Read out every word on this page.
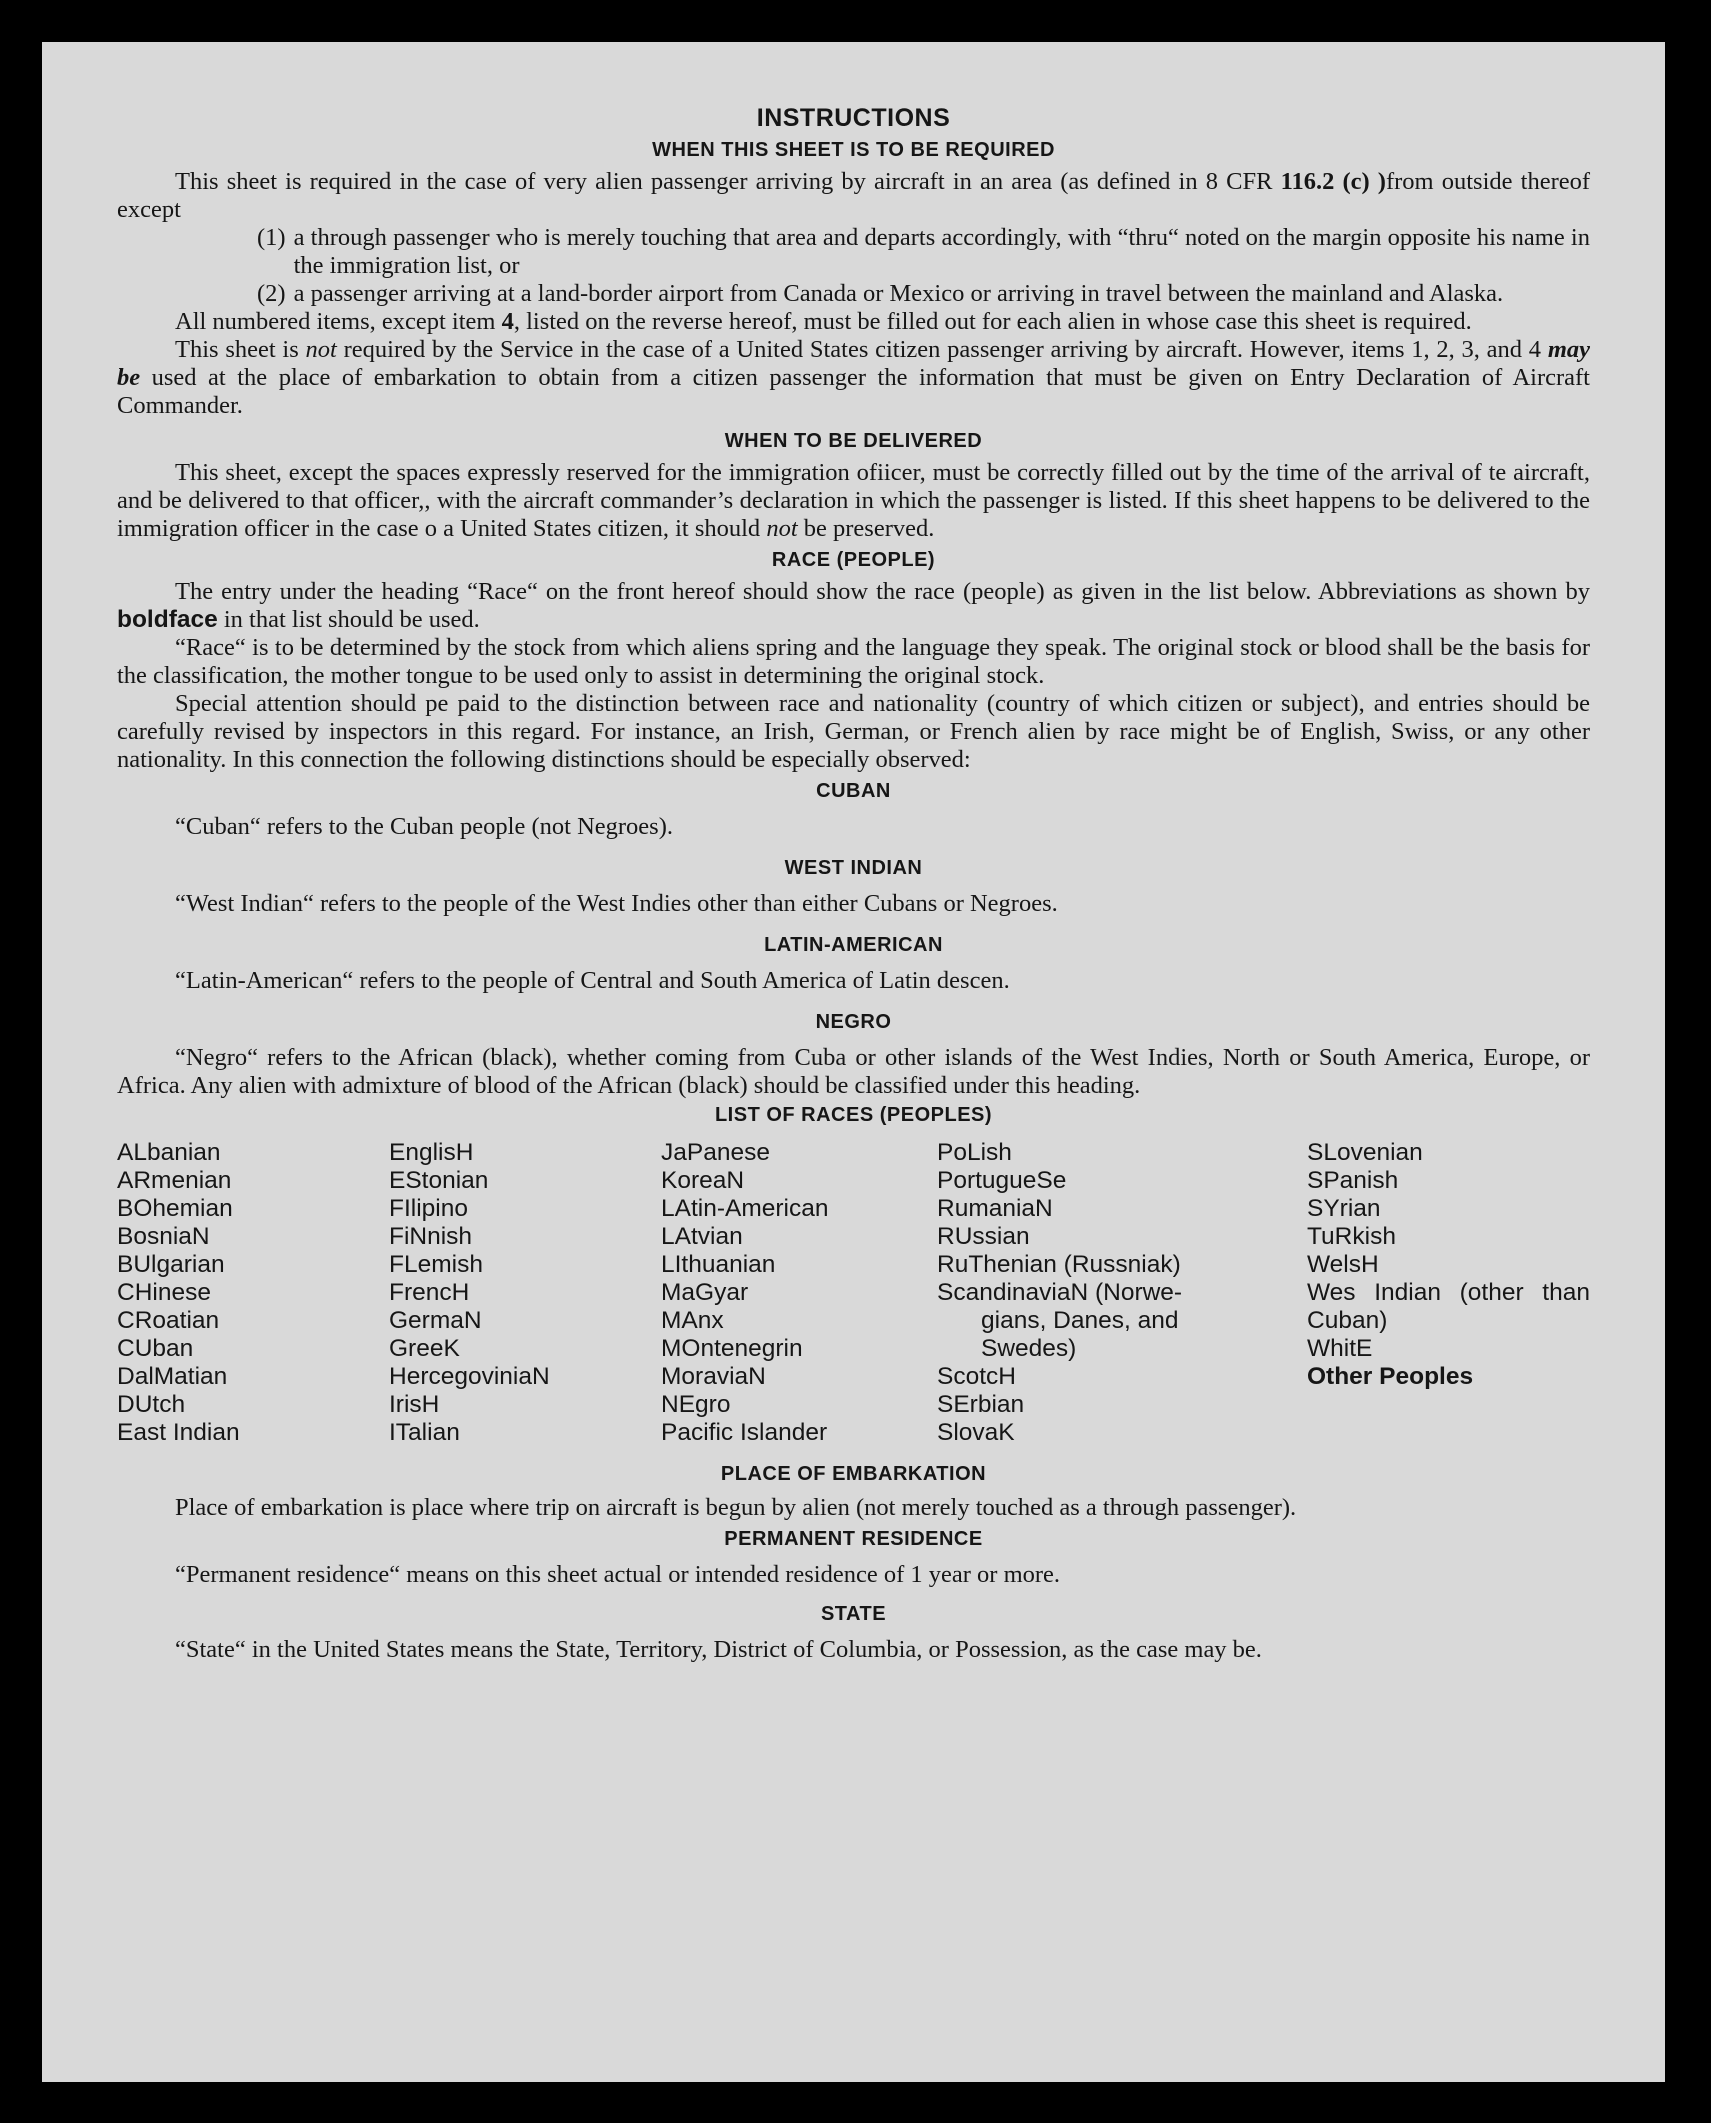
INSTRUCTIONS
WHEN THIS SHEET IS TO BE REQUIRED

This sheet is required in the case of very alien passenger arriving by aircraft in an area (as defined in 8 CFR 116.2 (c) )from outside thereof except

(1) a through passenger who is merely touching that area and departs accordingly, with “thru“ noted on the margin opposite his name in the immigration list, or

(2) a passenger arriving at a land-border airport from Canada or Mexico or arriving in travel between the mainland and Alaska.

All numbered items, except item 4, listed on the reverse hereof, must be filled out for each alien in whose case this sheet is required.

This sheet is not required by the Service in the case of a United States citizen passenger arriving by aircraft. However, items 1, 2, 3, and 4 may be used at the place of embarkation to obtain from a citizen passenger the information that must be given on Entry Declaration of Aircraft Commander.

WHEN TO BE DELIVERED

This sheet, except the spaces expressly reserved for the immigration ofiicer, must be correctly filled out by the time of the arrival of te aircraft, and be delivered to that officer,, with the aircraft commander’s declaration in which the passenger is listed. If this sheet happens to be delivered to the immigration officer in the case o a United States citizen, it should not be preserved.

RACE (PEOPLE)

The entry under the heading “Race“ on the front hereof should show the race (people) as given in the list below. Abbreviations as shown by boldface in that list should be used.

“Race“ is to be determined by the stock from which aliens spring and the language they speak. The original stock or blood shall be the basis for the classification, the mother tongue to be used only to assist in determining the original stock.

Special attention should pe paid to the distinction between race and nationality (country of which citizen or subject), and entries should be carefully revised by inspectors in this regard. For instance, an Irish, German, or French alien by race might be of English, Swiss, or any other nationality. In this connection the following distinctions should be especially observed:

CUBAN

“Cuban“ refers to the Cuban people (not Negroes).

WEST INDIAN

“West Indian“ refers to the people of the West Indies other than either Cubans or Negroes.

LATIN-AMERICAN

“Latin-American“ refers to the people of Central and South America of Latin descen.

NEGRO

“Negro“ refers to the African (black), whether coming from Cuba or other islands of the West Indies, North or South America, Europe, or Africa. Any alien with admixture of blood of the African (black) should be classified under this heading.

LIST OF RACES (PEOPLES)
ALbanian
ARmenian
BOhemian
BosniaN
BUlgarian
CHinese
CRoatian
CUban
DalMatian
DUtch
East Indian
EnglisH
EStonian
FIlipino
FiNnish
FLemish
FrencH
GermaN
GreeK
HercegoviniaN
IrisH
ITalian
JaPanese
KoreaN
LAtin-American
LAtvian
LIthuanian
MaGyar
MAnx
MOntenegrin
MoraviaN
NEgro
Pacific Islander
PoLish
PortugueSe
RumaniaN
RUssian
RuThenian (Russniak)
ScandinaviaN (Norwe-
gians, Danes, and
Swedes)
ScotcH
SErbian
SlovaK
SLovenian
SPanish
SYrian
TuRkish
WelsH
Wes Indian (other than Cuban)
WhitE
Other Peoples
PLACE OF EMBARKATION

Place of embarkation is place where trip on aircraft is begun by alien (not merely touched as a through passenger).

PERMANENT RESIDENCE

“Permanent residence“ means on this sheet actual or intended residence of 1 year or more.

STATE

“State“ in the United States means the State, Territory, District of Columbia, or Possession, as the case may be.
